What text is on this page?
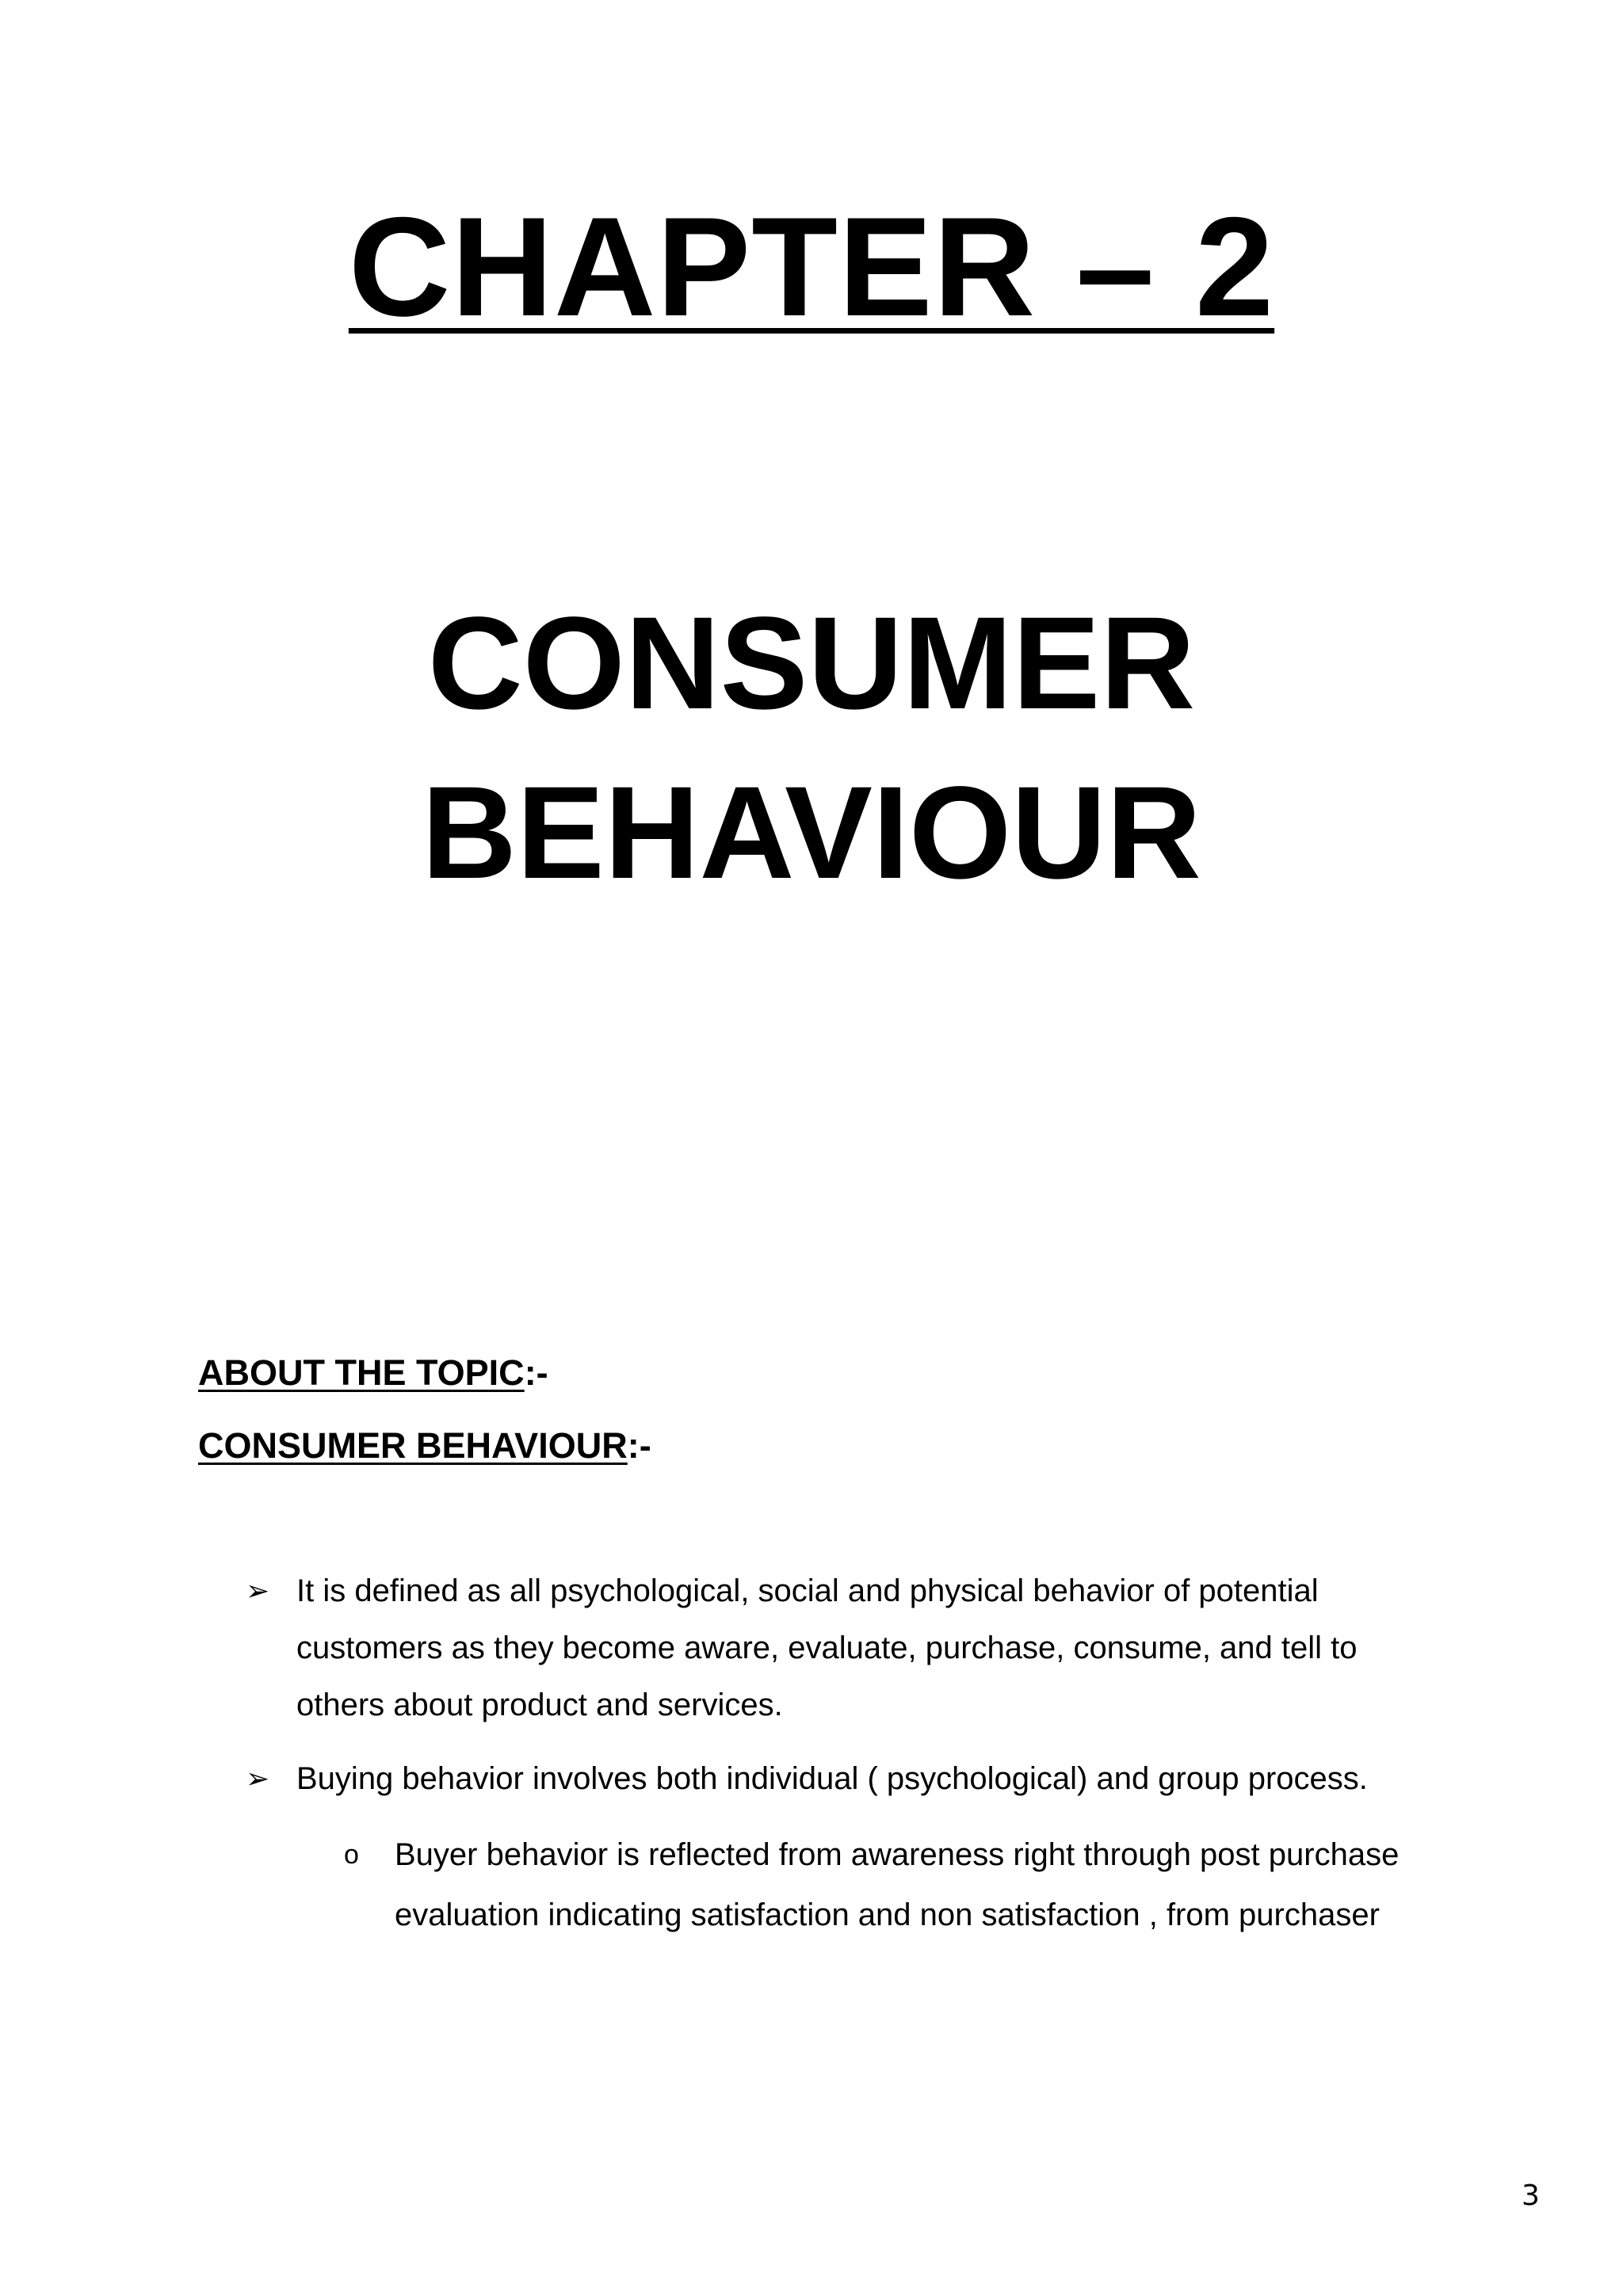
CHAPTER – 2
CONSUMER
BEHAVIOUR

ABOUT THE TOPIC:-

CONSUMER BEHAVIOUR:-

➢ It is defined as all psychological, social and physical behavior of potential customers as they become aware, evaluate, purchase, consume, and tell to others about product and services.
➢ Buying behavior involves both individual ( psychological) and group process.
o Buyer behavior is reflected from awareness right through post purchase evaluation indicating satisfaction and non satisfaction , from purchaser

3
